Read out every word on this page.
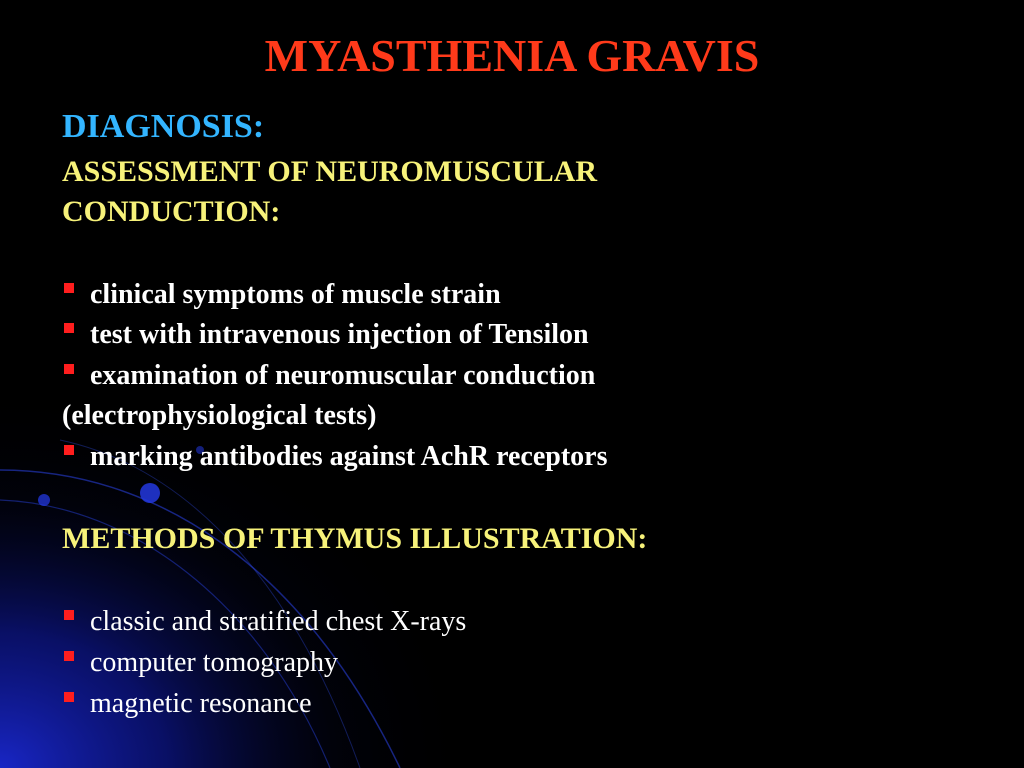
MYASTHENIA GRAVIS
DIAGNOSIS:
ASSESSMENT OF NEUROMUSCULAR
CONDUCTION:
clinical symptoms of muscle strain
test with intravenous injection of Tensilon
examination of neuromuscular conduction
(electrophysiological tests)
marking antibodies against AchR receptors
METHODS OF THYMUS ILLUSTRATION:
classic and stratified chest X-rays
computer tomography
magnetic resonance
